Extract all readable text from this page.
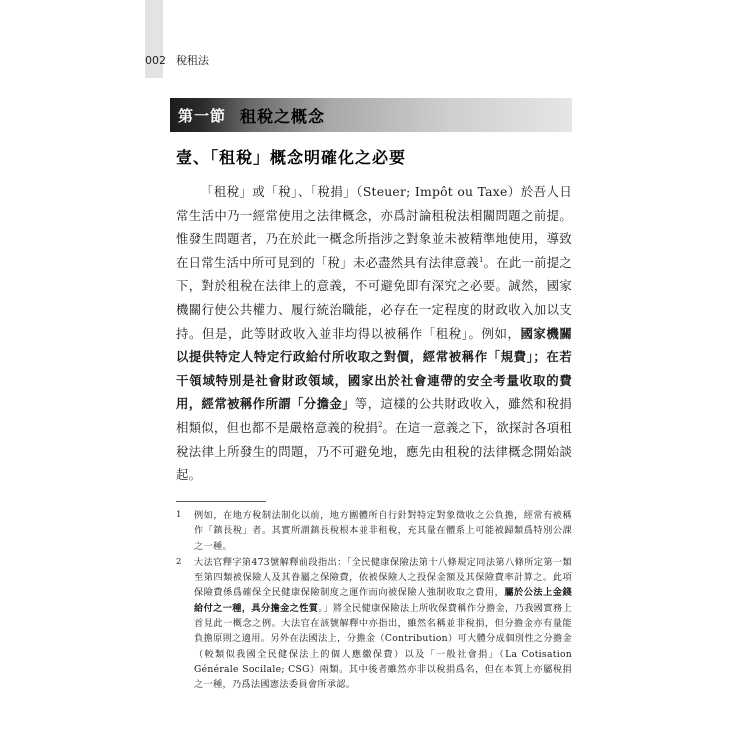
002 稅租法
第一節 租稅之概念
壹、「租稅」概念明確化之必要

「租稅」或「稅」、「稅捐」（Steuer; Impôt ou Taxe）於吾人日常生活中乃一經常使用之法律概念，亦爲討論租稅法相關問題之前提。惟發生問題者，乃在於此一概念所指涉之對象並未被精準地使用，導致在日常生活中所可見到的「稅」未必盡然具有法律意義$^1$。在此一前提之下，對於租稅在法律上的意義，不可避免即有深究之必要。誠然，國家機關行使公共權力、履行統治職能，必存在一定程度的財政收入加以支持。但是，此等財政收入並非均得以被稱作「租稅」。例如，國家機關以提供特定人特定行政給付所收取之對價，經常被稱作「規費」；在若干領域特別是社會財政領域，國家出於社會連帶的安全考量收取的費用，經常被稱作所謂「分擔金」等，這樣的公共財政收入，雖然和稅捐相類似，但也都不是嚴格意義的稅捐$^2$。在這一意義之下，欲探討各項租稅法律上所發生的問題，乃不可避免地，應先由租稅的法律概念開始談起。

1	例如，在地方稅制法制化以前，地方團體所自行針對特定對象徵收之公負擔，經常有被稱作「鎮長稅」者。其實所謂鎮長稅根本並非租稅，充其量在體系上可能被歸類爲特別公課之一種。
2	大法官釋字第473號解釋前段指出：「全民健康保險法第十八條規定同法第八條所定第一類至第四類被保險人及其眷屬之保險費，依被保險人之投保金額及其保險費率計算之。此項保險費係爲確保全民健康保險制度之運作而向被保險人強制收取之費用，屬於公法上金錢給付之一種，具分擔金之性質。」將全民健康保險法上所收保費稱作分擔金，乃我國實務上首見此一概念之例。大法官在該號解釋中亦指出，雖然名稱並非稅捐，但分擔金亦有量能負擔原則之適用。另外在法國法上，分擔金（Contribution）可大體分成個別性之分擔金（較類似我國全民健保法上的個人應繳保費）以及「一般社會捐」（La Cotisation Générale Socilale; CSG）兩類。其中後者雖然亦非以稅捐爲名，但在本質上亦屬稅捐之一種，乃爲法國憲法委員會所承認。
